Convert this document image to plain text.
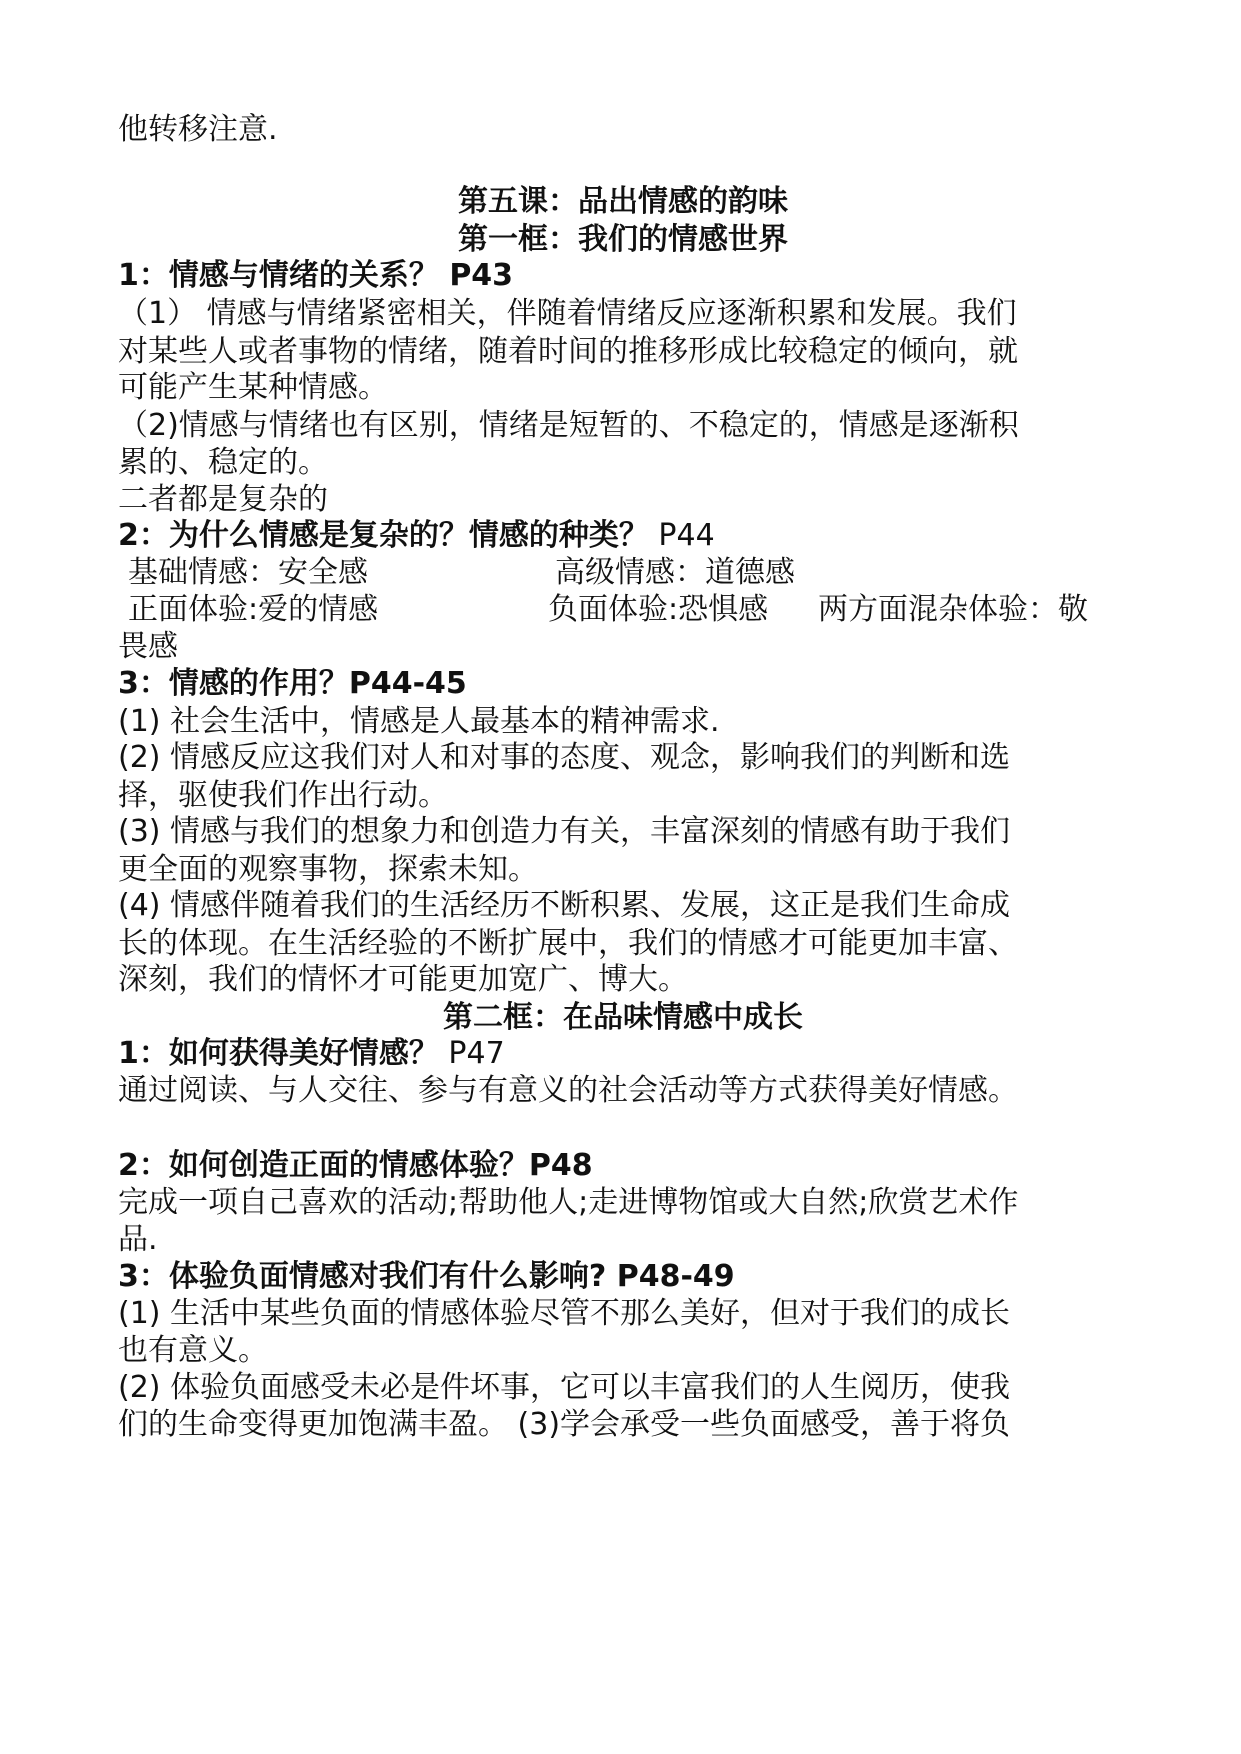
他转移注意.
第五课：品出情感的韵味
第一框：我们的情感世界
1：情感与情绪的关系？ P43
（1） 情感与情绪紧密相关，伴随着情绪反应逐渐积累和发展。我们
对某些人或者事物的情绪，随着时间的推移形成比较稳定的倾向，就
可能产生某种情感。
（2)情感与情绪也有区别，情绪是短暂的、不稳定的，情感是逐渐积
累的、稳定的。
二者都是复杂的
2：为什么情感是复杂的？情感的种类？ P44
基础情感：安全感	高级情感：道德感
正面体验:爱的情感	负面体验:恐惧感	两方面混杂体验：敬
畏感
3：情感的作用？P44-45
(1) 社会生活中，情感是人最基本的精神需求.
(2) 情感反应这我们对人和对事的态度、观念，影响我们的判断和选
择，驱使我们作出行动。
(3) 情感与我们的想象力和创造力有关，丰富深刻的情感有助于我们
更全面的观察事物，探索未知。
(4) 情感伴随着我们的生活经历不断积累、发展，这正是我们生命成
长的体现。在生活经验的不断扩展中，我们的情感才可能更加丰富、
深刻，我们的情怀才可能更加宽广、博大。
第二框：在品味情感中成长
1：如何获得美好情感？ P47
通过阅读、与人交往、参与有意义的社会活动等方式获得美好情感。
2：如何创造正面的情感体验？P48
完成一项自己喜欢的活动;帮助他人;走进博物馆或大自然;欣赏艺术作
品.
3：体验负面情感对我们有什么影响? P48-49
(1) 生活中某些负面的情感体验尽管不那么美好，但对于我们的成长
也有意义。
(2) 体验负面感受未必是件坏事，它可以丰富我们的人生阅历，使我
们的生命变得更加饱满丰盈。 (3)学会承受一些负面感受，善于将负
